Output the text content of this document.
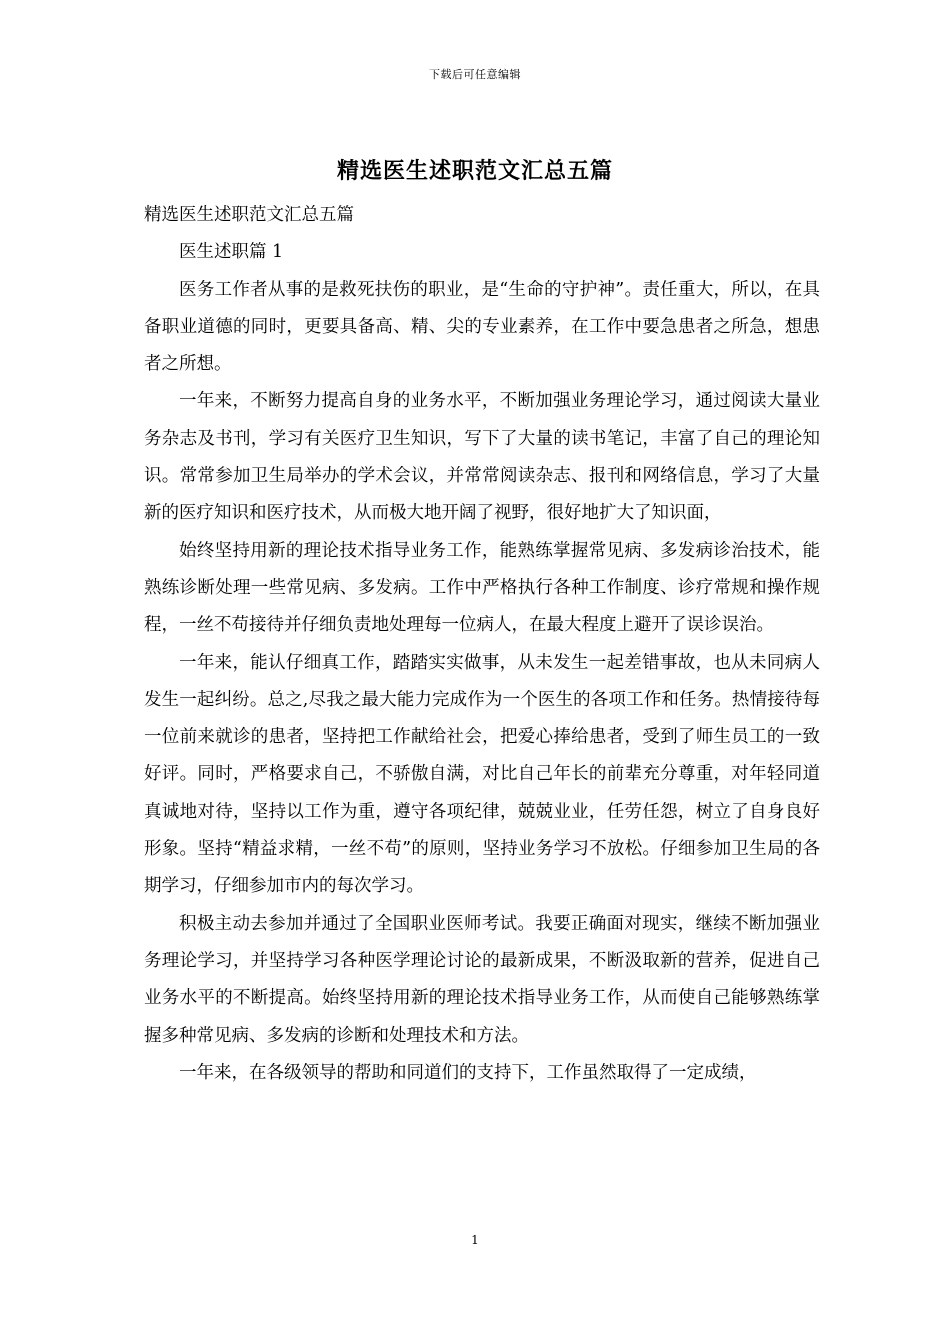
下载后可任意编辑
精选医生述职范文汇总五篇

精选医生述职范文汇总五篇

医生述职篇 1

医务工作者从事的是救死扶伤的职业，是“生命的守护神”。责任重大，所以，在具备职业道德的同时，更要具备高、精、尖的专业素养，在工作中要急患者之所急，想患者之所想。

一年来，不断努力提高自身的业务水平，不断加强业务理论学习，通过阅读大量业务杂志及书刊，学习有关医疗卫生知识，写下了大量的读书笔记，丰富了自己的理论知识。常常参加卫生局举办的学术会议，并常常阅读杂志、报刊和网络信息，学习了大量新的医疗知识和医疗技术，从而极大地开阔了视野，很好地扩大了知识面，

始终坚持用新的理论技术指导业务工作，能熟练掌握常见病、多发病诊治技术，能熟练诊断处理一些常见病、多发病。工作中严格执行各种工作制度、诊疗常规和操作规程，一丝不苟接待并仔细负责地处理每一位病人，在最大程度上避开了误诊误治。

一年来，能认仔细真工作，踏踏实实做事，从未发生一起差错事故，也从未同病人发生一起纠纷。总之,尽我之最大能力完成作为一个医生的各项工作和任务。热情接待每一位前来就诊的患者，坚持把工作献给社会，把爱心捧给患者，受到了师生员工的一致好评。同时，严格要求自己，不骄傲自满，对比自己年长的前辈充分尊重，对年轻同道真诚地对待，坚持以工作为重，遵守各项纪律，兢兢业业，任劳任怨，树立了自身良好形象。坚持“精益求精，一丝不苟”的原则，坚持业务学习不放松。仔细参加卫生局的各期学习，仔细参加市内的每次学习。

积极主动去参加并通过了全国职业医师考试。我要正确面对现实，继续不断加强业务理论学习，并坚持学习各种医学理论讨论的最新成果，不断汲取新的营养，促进自己业务水平的不断提高。始终坚持用新的理论技术指导业务工作，从而使自己能够熟练掌握多种常见病、多发病的诊断和处理技术和方法。

一年来，在各级领导的帮助和同道们的支持下，工作虽然取得了一定成绩，

1
